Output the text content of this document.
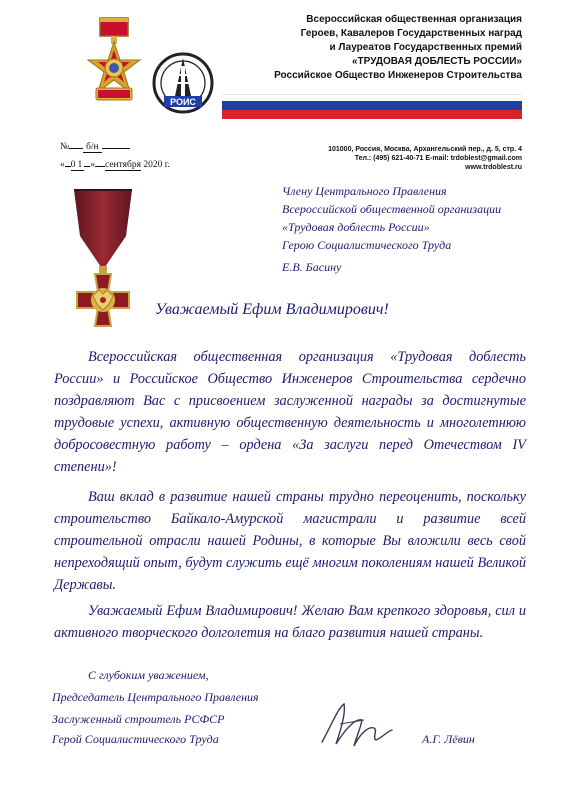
РОИС
Всероссийская общественная организация
Героев, Кавалеров Государственных наград
и Лауреатов Государственных премий
«ТРУДОВАЯ ДОБЛЕСТЬ РОССИИ»
Российское Общество Инженеров Строительства
№ б/н
« 01 » сентября 2020 г.
101000, Россия, Москва, Архангельский пер., д. 5, стр. 4
Тел.: (495) 621-40-71 E-mail: trdoblest@gmail.com
www.trdoblest.ru
Члену Центрального Правления
Всероссийской общественной организации
«Трудовая доблесть России»
Герою Социалистического Труда
Е.В. Басину
Уважаемый Ефим Владимирович!

Всероссийская общественная организация «Трудовая доблесть России» и Российское Общество Инженеров Строительства сердечно поздравляют Вас с присвоением заслуженной награды за достигнутые трудовые успехи, активную общественную деятельность и многолетнюю добросовестную работу – ордена «За заслуги перед Отечеством IV степени»!

Ваш вклад в развитие нашей страны трудно переоценить, поскольку строительство Байкало-Амурской магистрали и развитие всей строительной отрасли нашей Родины, в которые Вы вложили весь свой непреходящий опыт, будут служить ещё многим поколениям нашей Великой Державы.

Уважаемый Ефим Владимирович! Желаю Вам крепкого здоровья, сил и активного творческого долголетия на благо развития нашей страны.

С глубоким уважением,
Председатель Центрального Правления
Заслуженный строитель РСФСР
Герой Социалистического Труда	А.Г. Лёвин
